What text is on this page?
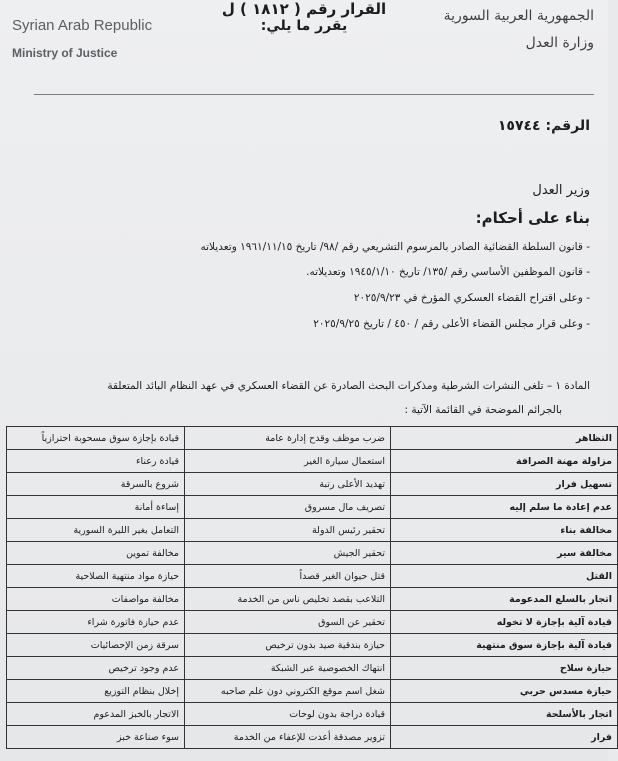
Syrian Arab Republic
Ministry of Justice
الجمهورية العربية السورية
وزارة العدل
الرقم: ١٥٧٤٤
القرار رقم ( ١٨١٢ ) ل
وزير العدل
بناء على أحكام:
- قانون السلطة القضائية الصادر بالمرسوم التشريعي رقم /٩٨/ تاريخ ١٩٦١/١١/١٥ وتعديلاته
- قانون الموظفين الأساسي رقم /١٣٥/ تاريخ ١٩٤٥/١/١٠ وتعديلاته.
- وعلى اقتراح القضاء العسكري المؤرخ في ٢٠٢٥/٩/٢٣
- وعلى قرار مجلس القضاء الأعلى رقم / ٤٥٠ / تاريخ ٢٠٢٥/٩/٢٥
يقرر ما يلي:
المادة ١ – تلغى النشرات الشرطية ومذكرات البحث الصادرة عن القضاء العسكري في عهد النظام البائد المتعلقة
بالجرائم الموضحة في القائمة الآتية :
التظاهر	ضرب موظف وقدح إدارة عامة	قيادة بإجازة سوق مسحوبة احترازياً
مزاولة مهنة الصرافة	استعمال سيارة الغير	قيادة رعناء
تسهيل فرار	تهديد الأعلى رتبة	شروع بالسرقة
عدم إعادة ما سلم إليه	تصريف مال مسروق	إساءة أمانة
مخالفة بناء	تحقير رئيس الدولة	التعامل بغير الليرة السورية
مخالفة سير	تحقير الجيش	مخالفة تموين
القتل	قتل حيوان الغير قصداً	حيازة مواد منتهية الصلاحية
اتجار بالسلع المدعومة	التلاعب بقصد تخليص ناس من الخدمة	مخالفة مواصفات
قيادة آلية بإجازة لا تخوله	تحقير عن السوق	عدم حيازة فاتورة شراء
قيادة آلية بإجازة سوق منتهية	حيازة بندقية صيد بدون ترخيص	سرقة زمن الإحصائيات
حيازة سلاح	انتهاك الخصوصية عبر الشبكة	عدم وجود ترخيص
حيازة مسدس حربي	شغل اسم موقع الكتروني دون علم صاحبه	إخلال بنظام التوزيع
اتجار بالأسلحة	قيادة دراجة بدون لوحات	الاتجار بالخبز المدعوم
فرار	تزوير مصدقة أعدت للإعفاء من الخدمة	سوء صناعة خبز
